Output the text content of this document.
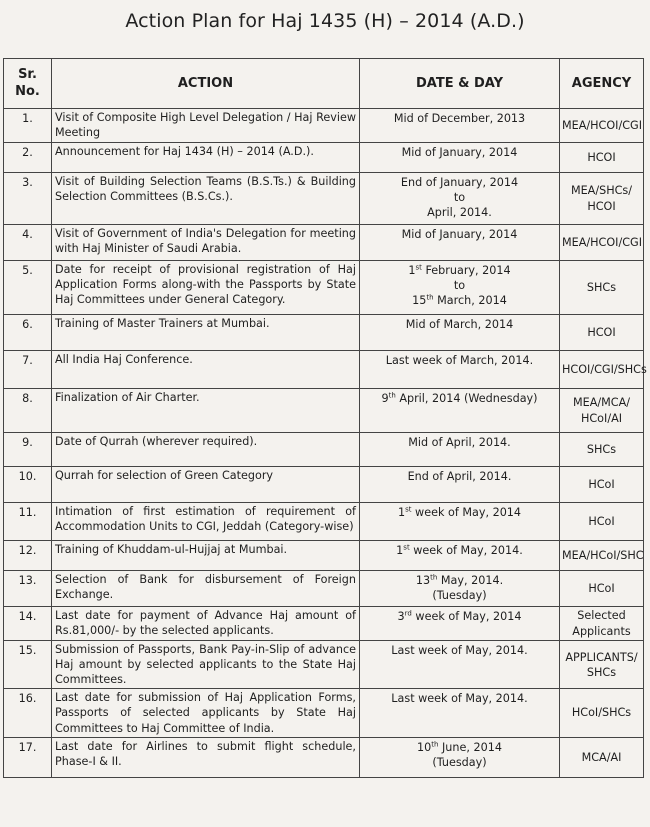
Action Plan for Haj 1435 (H) – 2014 (A.D.)
Sr.
No.	ACTION	DATE & DAY	AGENCY
1.	Visit of Composite High Level Delegation / Haj Review Meeting	Mid of December, 2013	MEA/HCOI/CGI

2.	Announcement for Haj 1434 (H) – 2014 (A.D.).	Mid of January, 2014	HCOI

3.	Visit of Building Selection Teams (B.S.Ts.) & Building Selection Committees (B.S.Cs.).	End of January, 2014
to
April, 2014.	MEA/SHCs/
HCOI

4.	Visit of Government of India's Delegation for meeting with Haj Minister of Saudi Arabia.	Mid of January, 2014	MEA/HCOI/CGI

5.	Date for receipt of provisional registration of Haj Application Forms along-with the Passports by State Haj Committees under General Category.	1st February, 2014
to
15th March, 2014	SHCs

6.	Training of Master Trainers at Mumbai.	Mid of March, 2014	HCOI

7.	All India Haj Conference.	Last week of March, 2014.	HCOI/CGI/SHCs

8.	Finalization of Air Charter.	9th April, 2014 (Wednesday)	MEA/MCA/
HCoI/AI

9.	Date of Qurrah (wherever required).	Mid of April, 2014.	SHCs

10.	Qurrah for selection of Green Category	End of April, 2014.	HCoI

11.	Intimation of first estimation of requirement of Accommodation Units to CGI, Jeddah (Category-wise)	1st week of May, 2014	HCoI

12.	Training of Khuddam-ul-Hujjaj at Mumbai.	1st week of May, 2014.	MEA/HCoI/SHC

13.	Selection of Bank for disbursement of Foreign Exchange.	13th May, 2014.
(Tuesday)	HCoI

14.	Last date for payment of Advance Haj amount of Rs.81,000/- by the selected applicants.	3rd week of May, 2014	Selected
Applicants

15.	Submission of Passports, Bank Pay-in-Slip of advance Haj amount by selected applicants to the State Haj Committees.	Last week of May, 2014.	APPLICANTS/
SHCs

16.	Last date for submission of Haj Application Forms, Passports of selected applicants by State Haj Committees to Haj Committee of India.	Last week of May, 2014.	HCoI/SHCs

17.	Last date for Airlines to submit flight schedule, Phase-I & II.	10th June, 2014
(Tuesday)	MCA/AI
